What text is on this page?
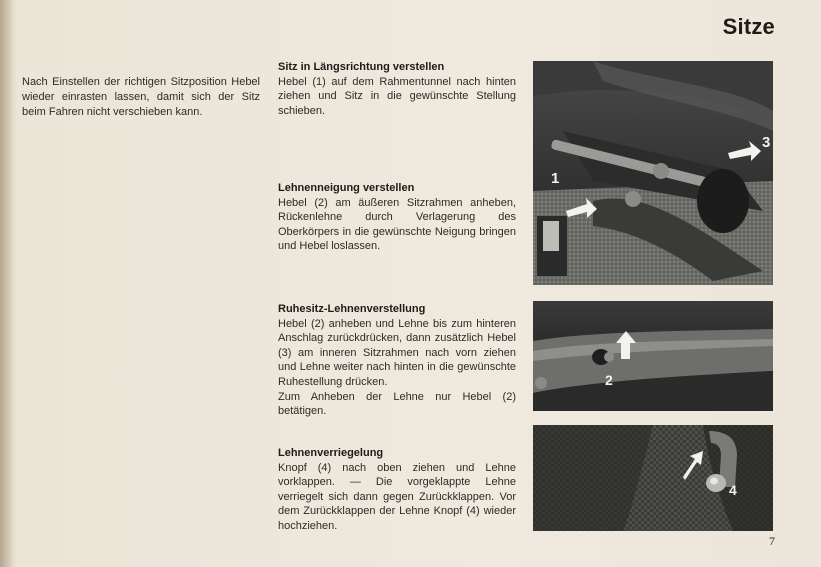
Sitze
Nach Einstellen der richtigen Sitzposition Hebel wieder einrasten lassen, damit sich der Sitz beim Fahren nicht verschieben kann.
Sitz in Längsrichtung verstellen

Hebel (1) auf dem Rahmentunnel nach hinten ziehen und Sitz in die gewünschte Stellung schieben.

Lehnenneigung verstellen

Hebel (2) am äußeren Sitzrahmen anheben, Rückenlehne durch Verlagerung des Oberkörpers in die gewünschte Neigung bringen und Hebel loslassen.

Ruhesitz-Lehnenverstellung

Hebel (2) anheben und Lehne bis zum hinteren Anschlag zurückdrücken, dann zusätzlich Hebel (3) am inneren Sitzrahmen nach vorn ziehen und Lehne weiter nach hinten in die gewünschte Ruhestellung drücken.

Zum Anheben der Lehne nur Hebel (2) betätigen.

Lehnenverriegelung

Knopf (4) nach oben ziehen und Lehne vorklappen. — Die vorgeklappte Lehne verriegelt sich dann gegen Zurückklappen. Vor dem Zurückklappen der Lehne Knopf (4) wieder hochziehen.

1
3
2
4
7
